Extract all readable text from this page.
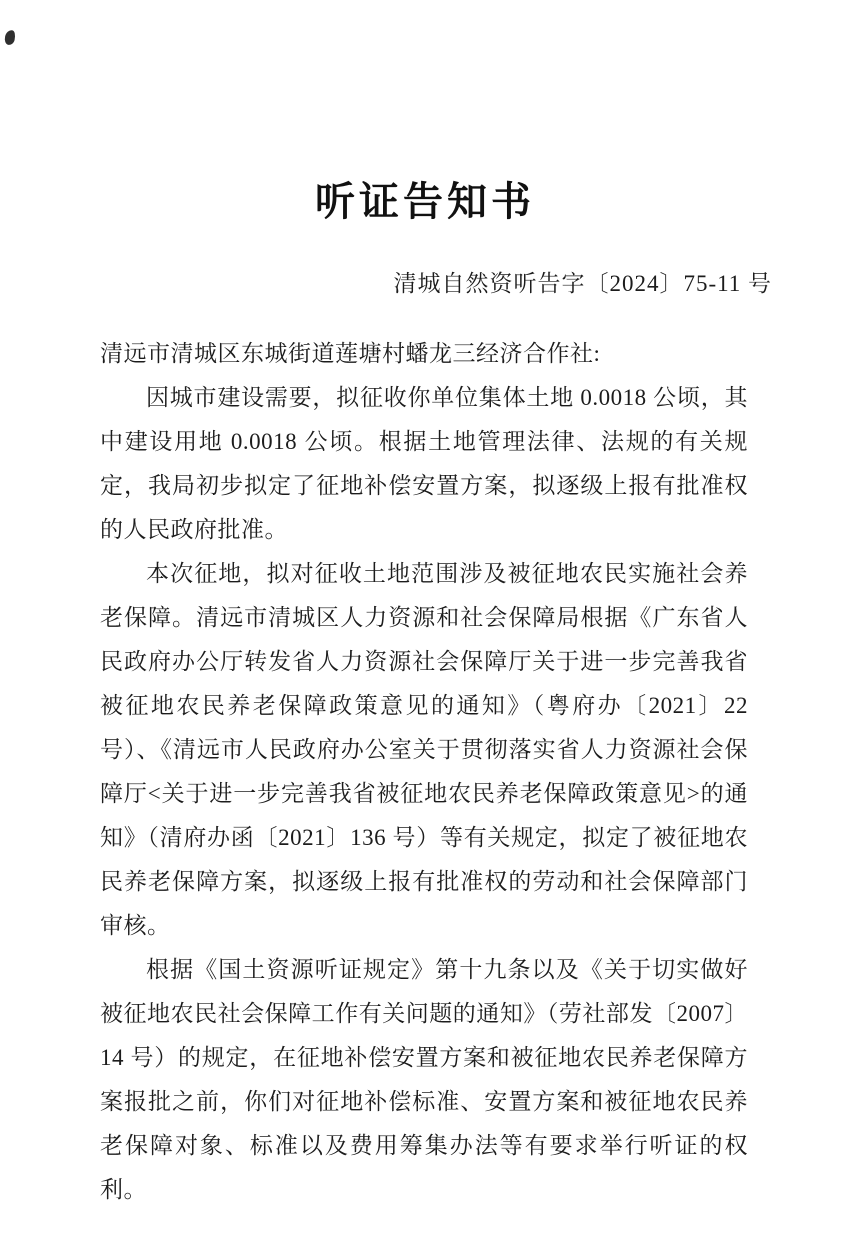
听证告知书
清城自然资听告字〔2024〕75-11 号

清远市清城区东城街道莲塘村蟠龙三经济合作社:

因城市建设需要，拟征收你单位集体土地 0.0018 公顷，其中建设用地 0.0018 公顷。根据土地管理法律、法规的有关规定，我局初步拟定了征地补偿安置方案，拟逐级上报有批准权的人民政府批准。

本次征地，拟对征收土地范围涉及被征地农民实施社会养老保障。清远市清城区人力资源和社会保障局根据《广东省人民政府办公厅转发省人力资源社会保障厅关于进一步完善我省被征地农民养老保障政策意见的通知》（粤府办〔2021〕22 号）、《清远市人民政府办公室关于贯彻落实省人力资源社会保障厅<关于进一步完善我省被征地农民养老保障政策意见>的通知》（清府办函〔2021〕136 号）等有关规定，拟定了被征地农民养老保障方案，拟逐级上报有批准权的劳动和社会保障部门审核。

根据《国土资源听证规定》第十九条以及《关于切实做好被征地农民社会保障工作有关问题的通知》（劳社部发〔2007〕14 号）的规定，在征地补偿安置方案和被征地农民养老保障方案报批之前，你们对征地补偿标准、安置方案和被征地农民养老保障对象、标准以及费用筹集办法等有要求举行听证的权利。
